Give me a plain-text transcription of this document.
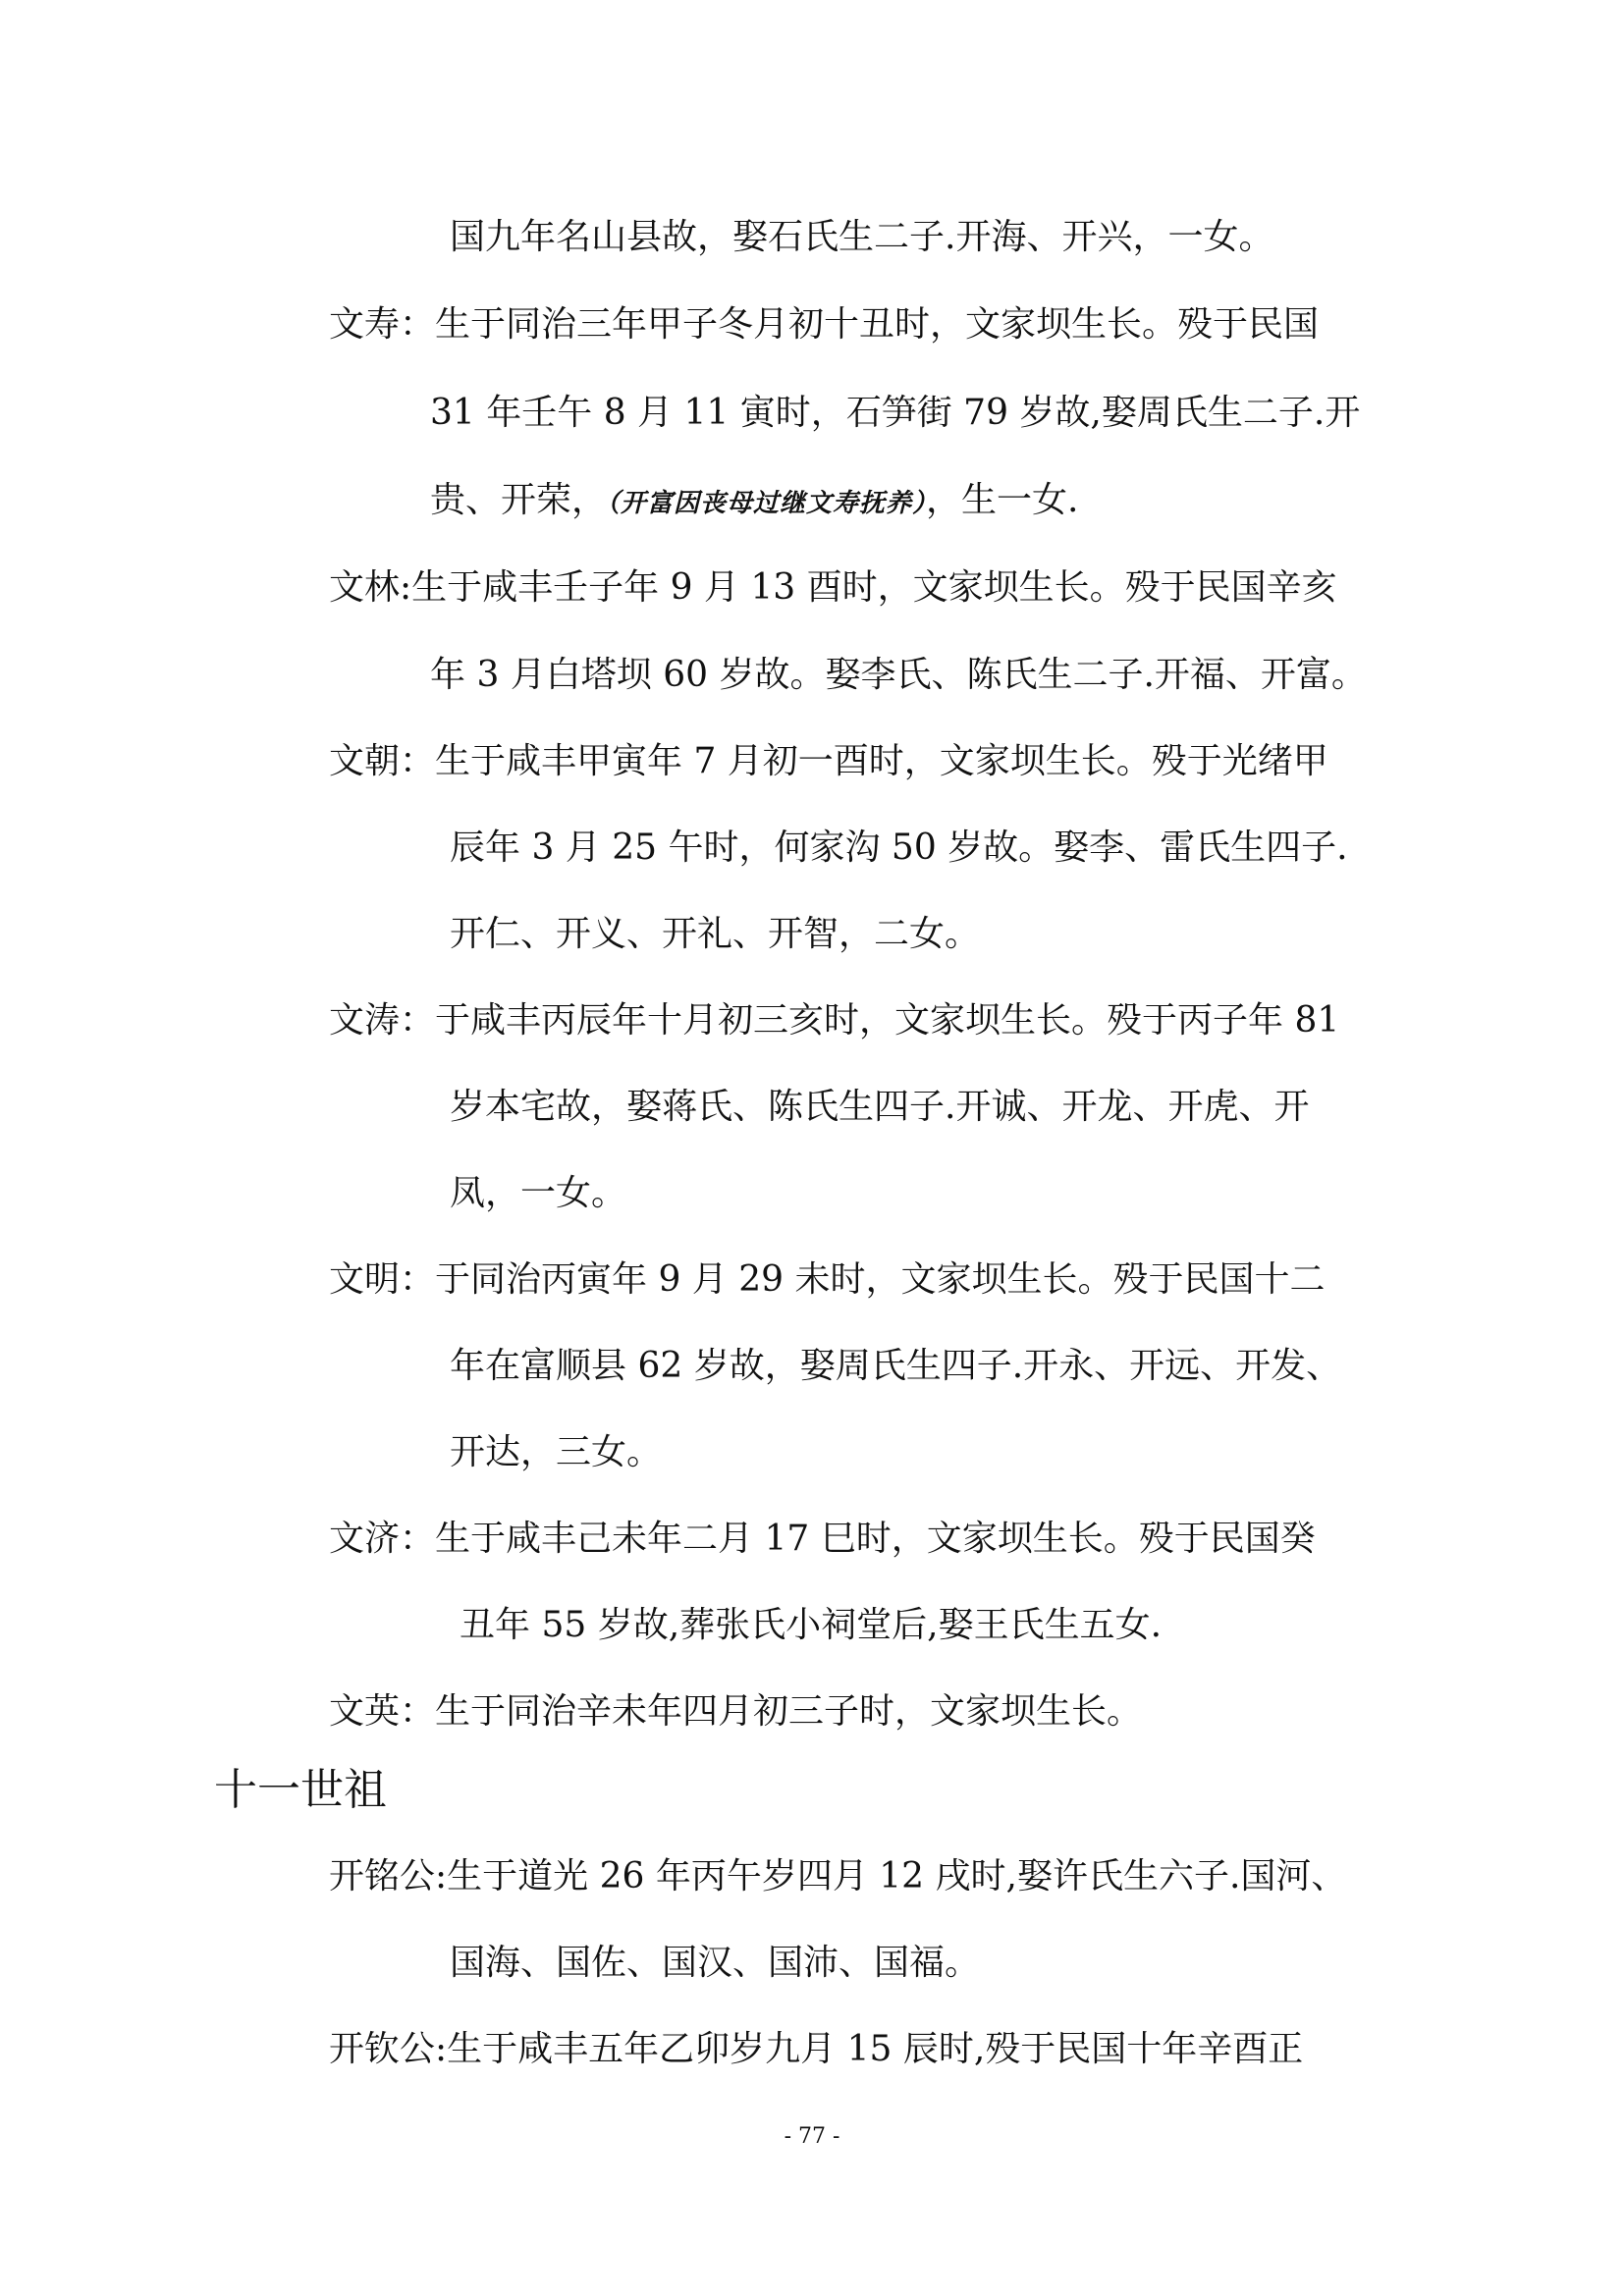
国九年名山县故，娶石氏生二子.开海、开兴，一女。
文寿：生于同治三年甲子冬月初十丑时，文家坝生长。殁于民国
31 年壬午 8 月 11 寅时，石笋街 79 岁故,娶周氏生二子.开
贵、开荣，（开富因丧母过继文寿抚养），生一女.
文林:生于咸丰壬子年 9 月 13 酉时，文家坝生长。殁于民国辛亥
年 3 月白塔坝 60 岁故。娶李氏、陈氏生二子.开福、开富。
文朝：生于咸丰甲寅年 7 月初一酉时，文家坝生长。殁于光绪甲
辰年 3 月 25 午时，何家沟 50 岁故。娶李、雷氏生四子.
开仁、开义、开礼、开智，二女。
文涛：于咸丰丙辰年十月初三亥时，文家坝生长。殁于丙子年 81
岁本宅故，娶蒋氏、陈氏生四子.开诚、开龙、开虎、开
凤，一女。
文明：于同治丙寅年 9 月 29 未时，文家坝生长。殁于民国十二
年在富顺县 62 岁故，娶周氏生四子.开永、开远、开发、
开达，三女。
文济：生于咸丰己未年二月 17 巳时，文家坝生长。殁于民国癸
丑年 55 岁故,葬张氏小祠堂后,娶王氏生五女.
文英：生于同治辛未年四月初三子时，文家坝生长。
十一世祖
开铭公:生于道光 26 年丙午岁四月 12 戌时,娶许氏生六子.国河、
国海、国佐、国汉、国沛、国福。
开钦公:生于咸丰五年乙卯岁九月 15 辰时,殁于民国十年辛酉正
- 77 -
